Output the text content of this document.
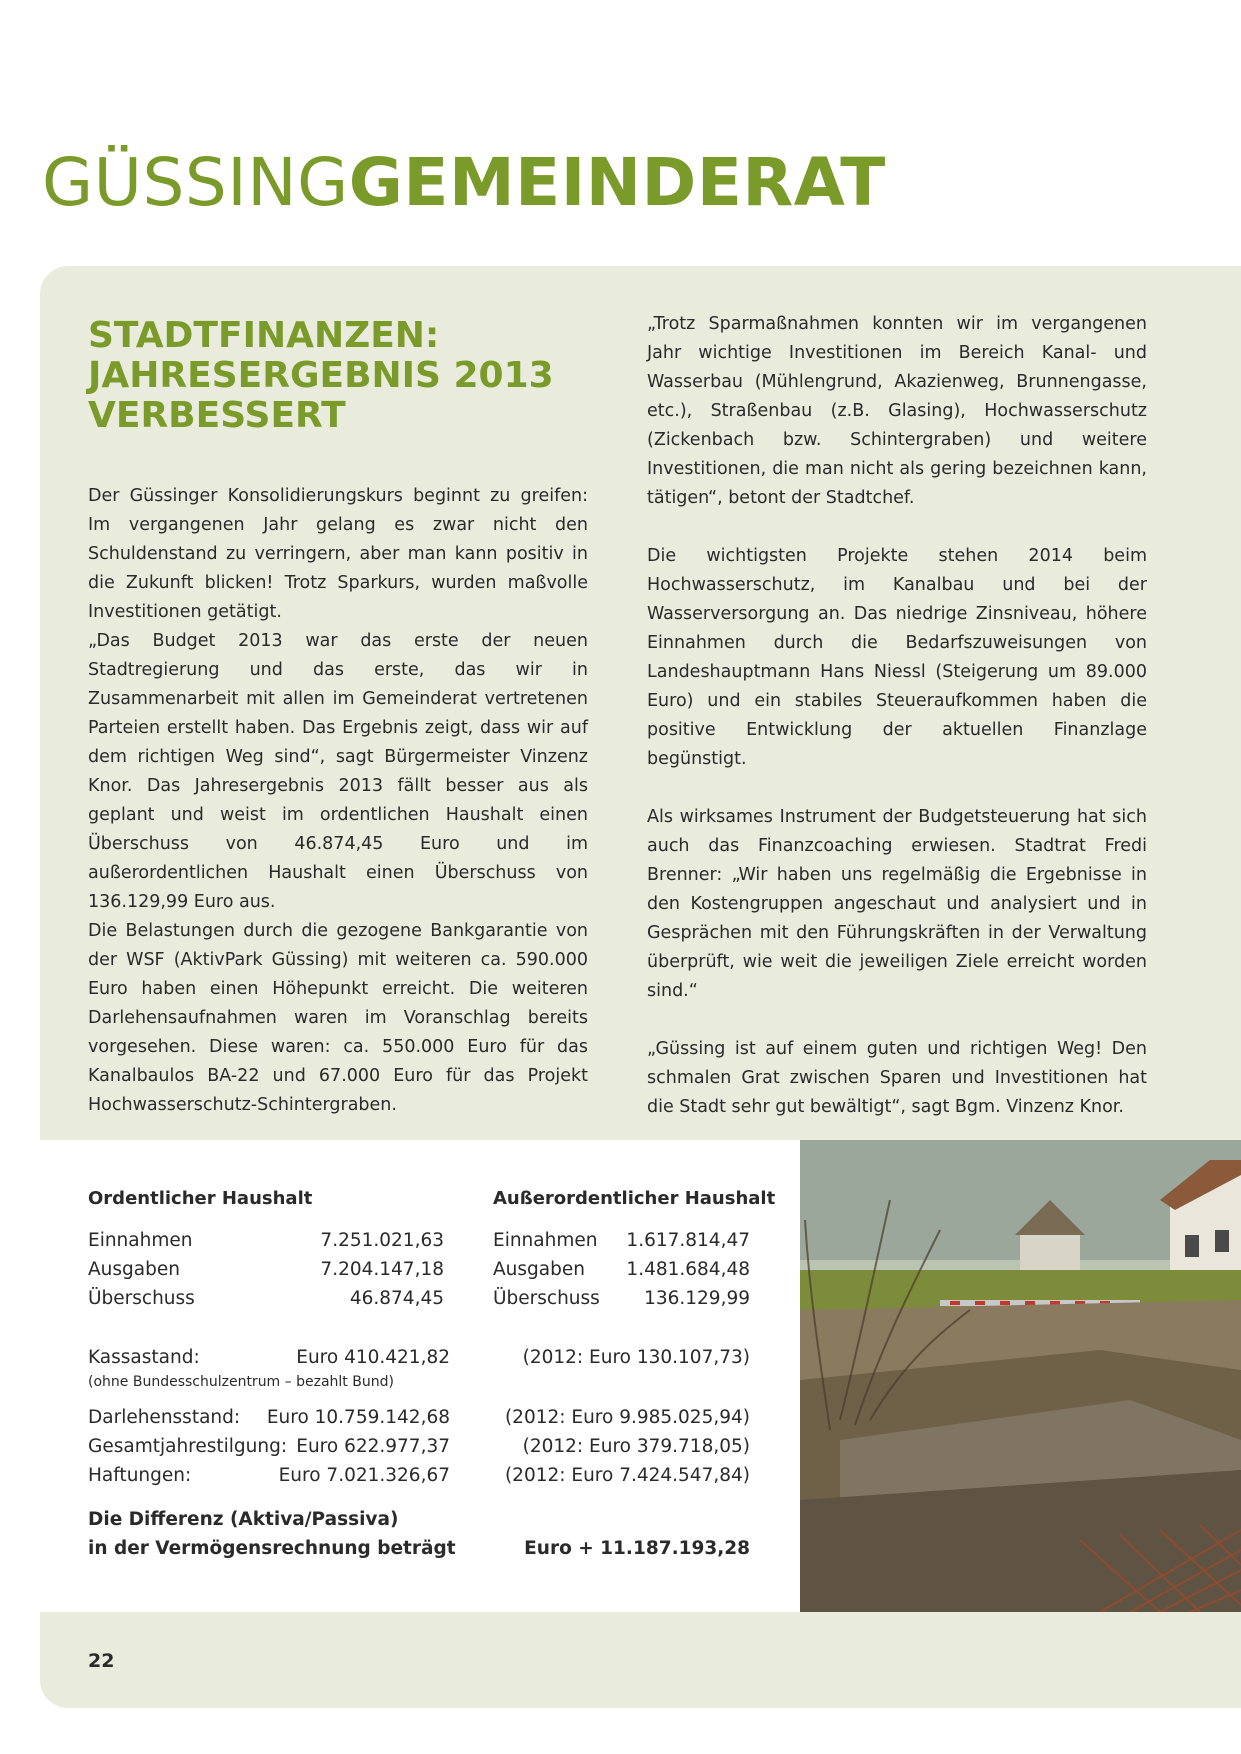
GÜSSINGGEMEINDERAT
STADTFINANZEN:
JAHRESERGEBNIS 2013
VERBESSERT

Der Güssinger Konsolidierungskurs beginnt zu greifen: Im vergangenen Jahr gelang es zwar nicht den Schuldenstand zu verringern, aber man kann positiv in die Zukunft blicken! Trotz Sparkurs, wurden maßvolle Investitionen getätigt.

„Das Budget 2013 war das erste der neuen Stadtregierung und das erste, das wir in Zusammenarbeit mit allen im Gemeinderat vertretenen Parteien erstellt haben. Das Ergebnis zeigt, dass wir auf dem richtigen Weg sind“, sagt Bürgermeister Vinzenz Knor. Das Jahresergebnis 2013 fällt besser aus als geplant und weist im ordentlichen Haushalt einen Überschuss von 46.874,45 Euro und im außerordentlichen Haushalt einen Überschuss von 136.129,99 Euro aus.

Die Belastungen durch die gezogene Bankgarantie von der WSF (AktivPark Güssing) mit weiteren ca. 590.000 Euro haben einen Höhepunkt erreicht. Die weiteren Darlehensaufnahmen waren im Voranschlag bereits vorgesehen. Diese waren: ca. 550.000 Euro für das Kanalbaulos BA-22 und 67.000 Euro für das Projekt Hochwasserschutz-Schintergraben.

„Trotz Sparmaßnahmen konnten wir im vergangenen Jahr wichtige Investitionen im Bereich Kanal- und Wasserbau (Mühlengrund, Akazienweg, Brunnengasse, etc.), Straßenbau (z.B. Glasing), Hochwasserschutz (Zickenbach bzw. Schintergraben) und weitere Investitionen, die man nicht als gering bezeichnen kann, tätigen“, betont der Stadtchef.

Die wichtigsten Projekte stehen 2014 beim Hochwasserschutz, im Kanalbau und bei der Wasserversorgung an. Das niedrige Zinsniveau, höhere Einnahmen durch die Bedarfszuweisungen von Landeshauptmann Hans Niessl (Steigerung um 89.000 Euro) und ein stabiles Steueraufkommen haben die positive Entwicklung der aktuellen Finanzlage begünstigt.

Als wirksames Instrument der Budgetsteuerung hat sich auch das Finanzcoaching erwiesen. Stadtrat Fredi Brenner: „Wir haben uns regelmäßig die Ergebnisse in den Kostengruppen angeschaut und analysiert und in Gesprächen mit den Führungskräften in der Verwaltung überprüft, wie weit die jeweiligen Ziele erreicht worden sind.“

„Güssing ist auf einem guten und richtigen Weg! Den schmalen Grat zwischen Sparen und Investitionen hat die Stadt sehr gut bewältigt“, sagt Bgm. Vinzenz Knor.

Ordentlicher Haushalt
Einnahmen	7.251.021,63
Ausgaben	7.204.147,18
Überschuss	46.874,45
Außerordentlicher Haushalt
Einnahmen	1.617.814,47
Ausgaben	1.481.684,48
Überschuss	136.129,99
Kassastand:	Euro 410.421,82	(2012: Euro 130.107,73)
(ohne Bundesschulzentrum – bezahlt Bund)
Darlehensstand:	Euro 10.759.142,68	(2012: Euro 9.985.025,94)
Gesamtjahrestilgung: Euro 622.977,37	(2012: Euro 379.718,05)
Haftungen:	Euro 7.021.326,67	(2012: Euro 7.424.547,84)
Die Differenz (Aktiva/Passiva)
in der Vermögensrechnung beträgt	Euro + 11.187.193,28
22
